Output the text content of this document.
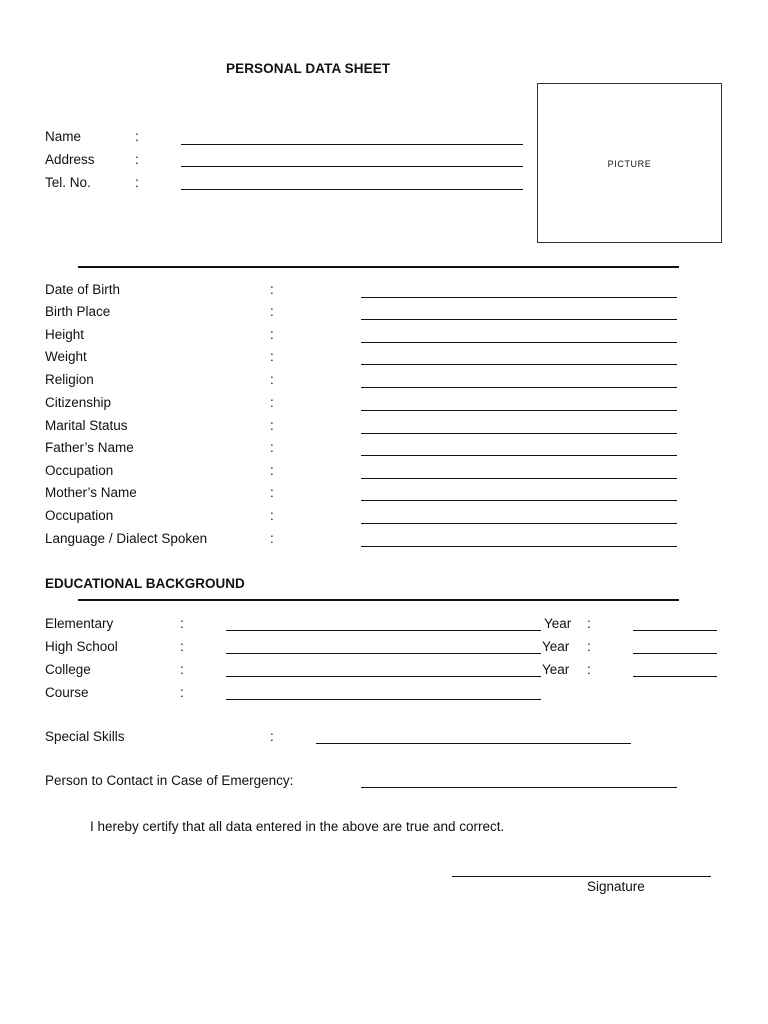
PERSONAL DATA SHEET
PICTURE
Name	:
Address	:
Tel. No.	:
Date of Birth	:
Birth Place	:
Height	:
Weight	:
Religion	:
Citizenship	:
Marital Status	:
Father’s Name	:
Occupation	:
Mother’s Name	:
Occupation	:
Language / Dialect Spoken	:
EDUCATIONAL BACKGROUND
Elementary	:	Year :
High School	:	Year :
College	:	Year :
Course	:
Special Skills	:
Person to Contact in Case of Emergency:
I hereby certify that all data entered in the above are true and correct.
Signature
